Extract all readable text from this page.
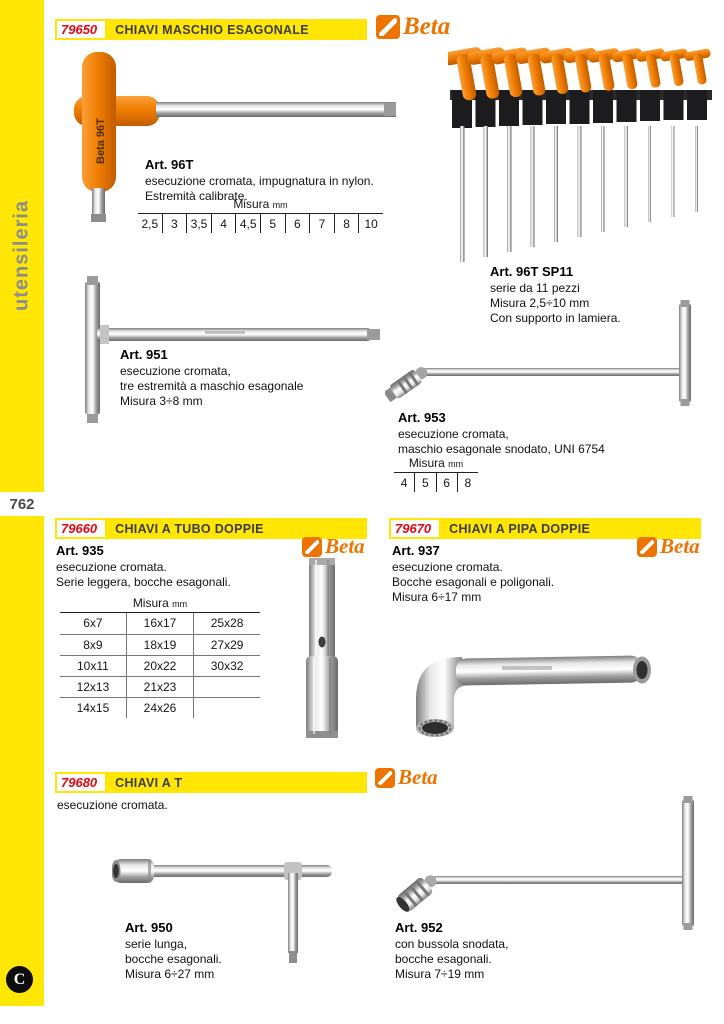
utensileria
762
C
79650	CHIAVI MASCHIO ESAGONALE	Beta
Beta 96T
Art. 96T
esecuzione cromata, impugnatura in nylon.
Estremità calibrate.
Misura mm
2,5	3	3,5	4	4,5	5	6	7	8	10
Art. 96T SP11
serie da 11 pezzi
Misura 2,5÷10 mm
Con supporto in lamiera.
Art. 951
esecuzione cromata,
tre estremità a maschio esagonale
Misura 3÷8 mm
Art. 953
esecuzione cromata,
maschio esagonale snodato, UNI 6754
Misura mm
4	5	6	8
79660	CHIAVI A TUBO DOPPIE
Beta
Art. 935
esecuzione cromata.
Serie leggera, bocche esagonali.
Misura mm
6x7	16x17	25x28
8x9	18x19	27x29
10x11	20x22	30x32
12x13	21x23	
14x15	24x26	
79670	CHIAVI A PIPA DOPPIE
Beta
Art. 937
esecuzione cromata.
Bocche esagonali e poligonali.
Misura 6÷17 mm
79680	CHIAVI A T	Beta
esecuzione cromata.
Art. 950
serie lunga,
bocche esagonali.
Misura 6÷27 mm
Art. 952
con bussola snodata,
bocche esagonali.
Misura 7÷19 mm
